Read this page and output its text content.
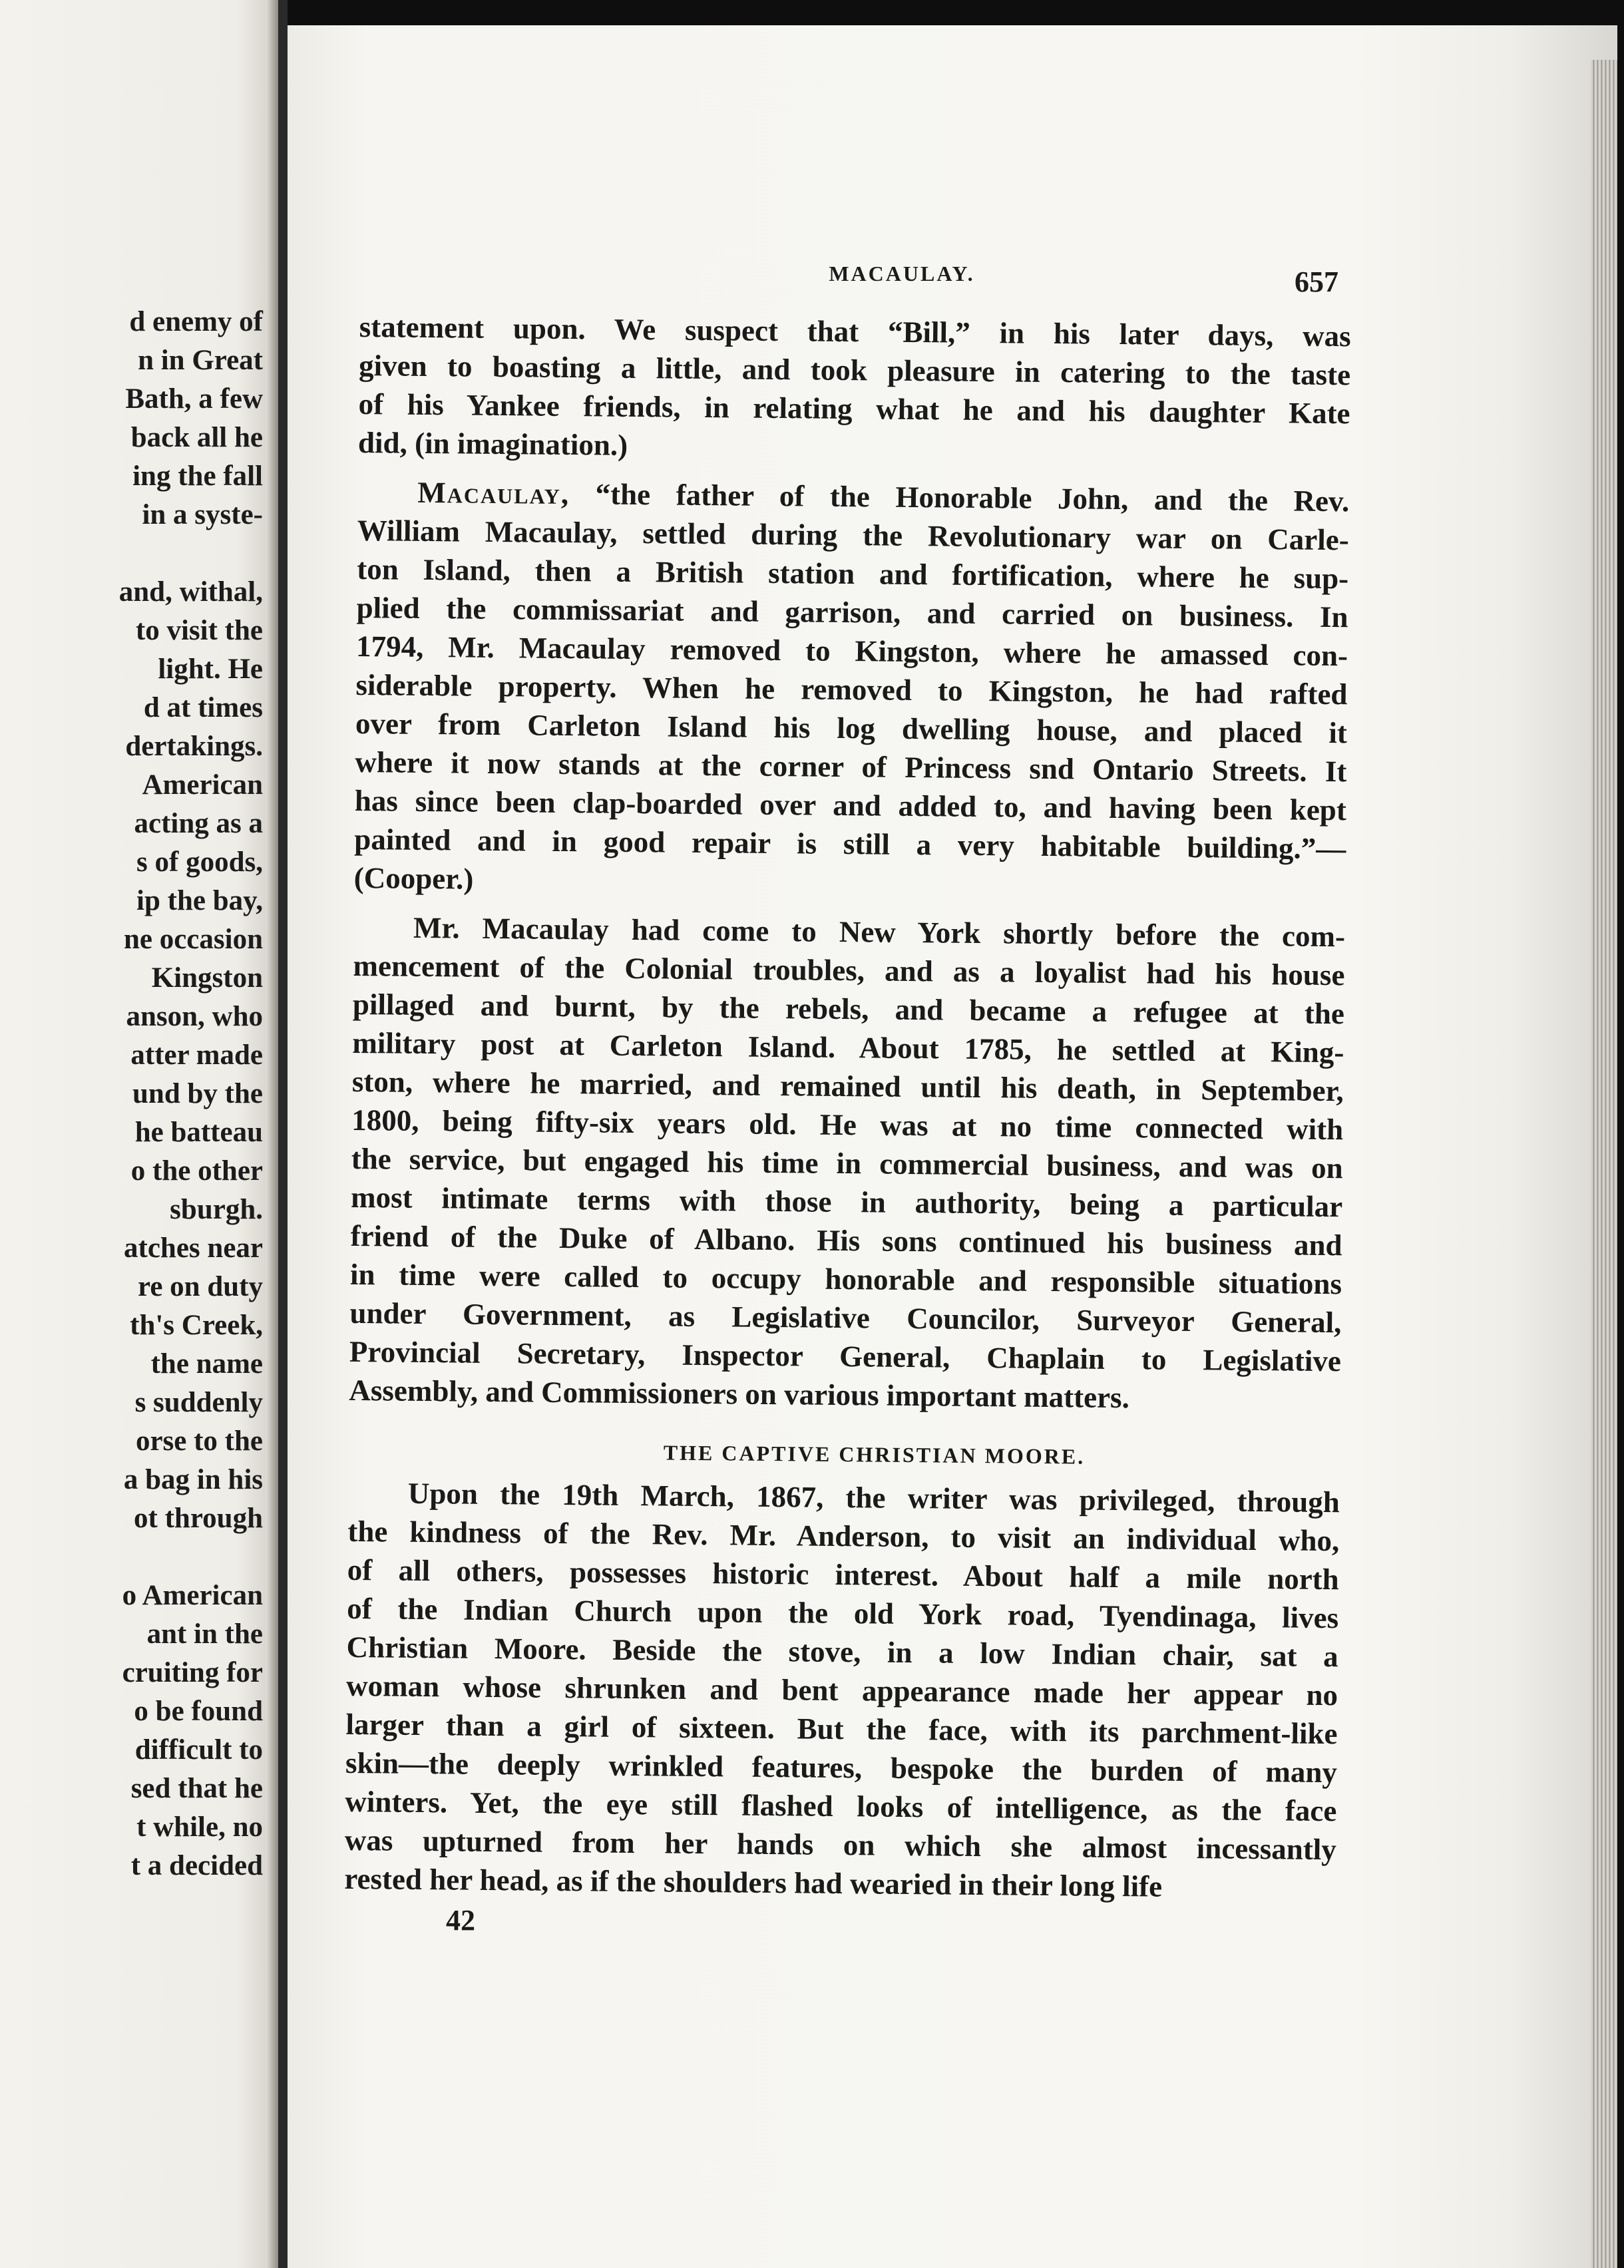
d enemy of
n in Great
Bath, a few
back all he
ing the fall
in a syste-
and, withal,
to visit the
light. He
d at times
dertakings.
American
acting as a
s of goods,
ip the bay,
ne occasion
Kingston
anson, who
atter made
und by the
he batteau
o the other
sburgh.
atches near
re on duty
th's Creek,
the name
s suddenly
orse to the
a bag in his
ot through
o American
ant in the
cruiting for
o be found
difficult to
sed that he
t while, no
t a decided
MACAULAY.	657
statement upon. We suspect that “Bill,” in his later days, was
given to boasting a little, and took pleasure in catering to the taste
of his Yankee friends, in relating what he and his daughter Kate
did, (in imagination.)
Macaulay, “the father of the Honorable John, and the Rev.
William Macaulay, settled during the Revolutionary war on Carle-
ton Island, then a British station and fortification, where he sup-
plied the commissariat and garrison, and carried on business. In
1794, Mr. Macaulay removed to Kingston, where he amassed con-
siderable property. When he removed to Kingston, he had rafted
over from Carleton Island his log dwelling house, and placed it
where it now stands at the corner of Princess snd Ontario Streets. It
has since been clap-boarded over and added to, and having been kept
painted and in good repair is still a very habitable building.”—
(Cooper.)
Mr. Macaulay had come to New York shortly before the com-
mencement of the Colonial troubles, and as a loyalist had his house
pillaged and burnt, by the rebels, and became a refugee at the
military post at Carleton Island. About 1785, he settled at King-
ston, where he married, and remained until his death, in September,
1800, being fifty-six years old. He was at no time connected with
the service, but engaged his time in commercial business, and was on
most intimate terms with those in authority, being a particular
friend of the Duke of Albano. His sons continued his business and
in time were called to occupy honorable and responsible situations
under Government, as Legislative Councilor, Surveyor General,
Provincial Secretary, Inspector General, Chaplain to Legislative
Assembly, and Commissioners on various important matters.
THE CAPTIVE CHRISTIAN MOORE.
Upon the 19th March, 1867, the writer was privileged, through
the kindness of the Rev. Mr. Anderson, to visit an individual who,
of all others, possesses historic interest. About half a mile north
of the Indian Church upon the old York road, Tyendinaga, lives
Christian Moore. Beside the stove, in a low Indian chair, sat a
woman whose shrunken and bent appearance made her appear no
larger than a girl of sixteen. But the face, with its parchment-like
skin—the deeply wrinkled features, bespoke the burden of many
winters. Yet, the eye still flashed looks of intelligence, as the face
was upturned from her hands on which she almost incessantly
rested her head, as if the shoulders had wearied in their long life
42
